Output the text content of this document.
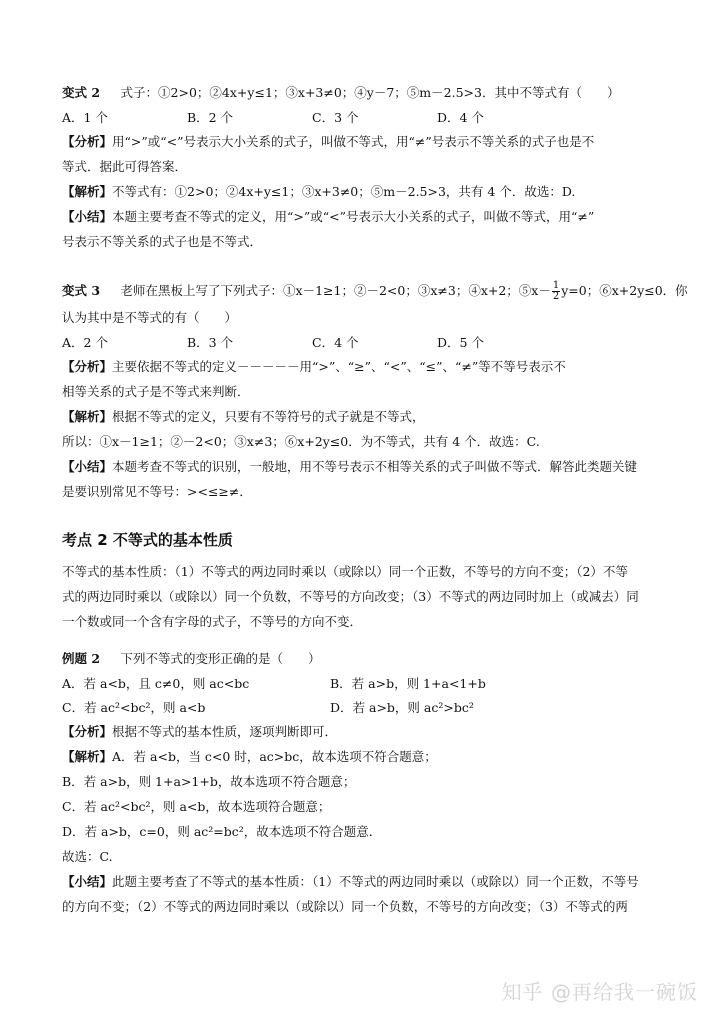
变式 2 　 式子：①2>0；②4x+y≤1；③x+3≠0；④y－7；⑤m－2.5>3．其中不等式有（　　）

A．1 个	B．2 个	C．3 个	D．4 个

【分析】用“>”或“<”号表示大小关系的式子，叫做不等式，用“≠”号表示不等关系的式子也是不

等式．据此可得答案．

【解析】不等式有：①2>0；②4x+y≤1；③x+3≠0；⑤m－2.5>3，共有 4 个．故选：D.

【小结】本题主要考查不等式的定义，用“>”或“<”号表示大小关系的式子，叫做不等式，用“≠”

号表示不等关系的式子也是不等式．

变式 3 　 老师在黑板上写了下列式子：①x－1≥1；②－2<0；③x≠3；④x+2；⑤x－ $\frac{1}{2} y=0$；⑥x+2y≤0．你

认为其中是不等式的有（　　）

A．2 个	B．3 个	C．4 个	D．5 个

【分析】主要依据不等式的定义－－－－－用“>”、“≥”、“<”、“≤”、“≠”等不等号表示不

相等关系的式子是不等式来判断．

【解析】根据不等式的定义，只要有不等符号的式子就是不等式，

所以：①x－1≥1；②－2<0；③x≠3；⑥x+2y≤0．为不等式，共有 4 个．故选：C.

【小结】本题考查不等式的识别，一般地，用不等号表示不相等关系的式子叫做不等式．解答此类题关键

是要识别常见不等号：><≤≥≠．

考点 2 不等式的基本性质

不等式的基本性质：（1）不等式的两边同时乘以（或除以）同一个正数，不等号的方向不变；（2）不等

式的两边同时乘以（或除以）同一个负数，不等号的方向改变；（3）不等式的两边同时加上（或减去）同

一个数或同一个含有字母的式子，不等号的方向不变．

例题 2 　 下列不等式的变形正确的是（　　）

A．若 a<b，且 c≠0，则 ac<bc	B．若 a>b，则 1+a<1+b
C．若 ac²<bc²，则 a<b	D．若 a>b，则 ac²>bc²

【分析】根据不等式的基本性质，逐项判断即可．

【解析】A．若 a<b，当 c<0 时，ac>bc，故本选项不符合题意；

B．若 a>b，则 1+a>1+b，故本选项不符合题意；

C．若 ac²<bc²，则 a<b，故本选项符合题意；

D．若 a>b，c=0，则 ac²=bc²，故本选项不符合题意．

故选：C.

【小结】此题主要考查了不等式的基本性质：（1）不等式的两边同时乘以（或除以）同一个正数，不等号

的方向不变；（2）不等式的两边同时乘以（或除以）同一个负数，不等号的方向改变；（3）不等式的两

知乎 @再给我一碗饭
